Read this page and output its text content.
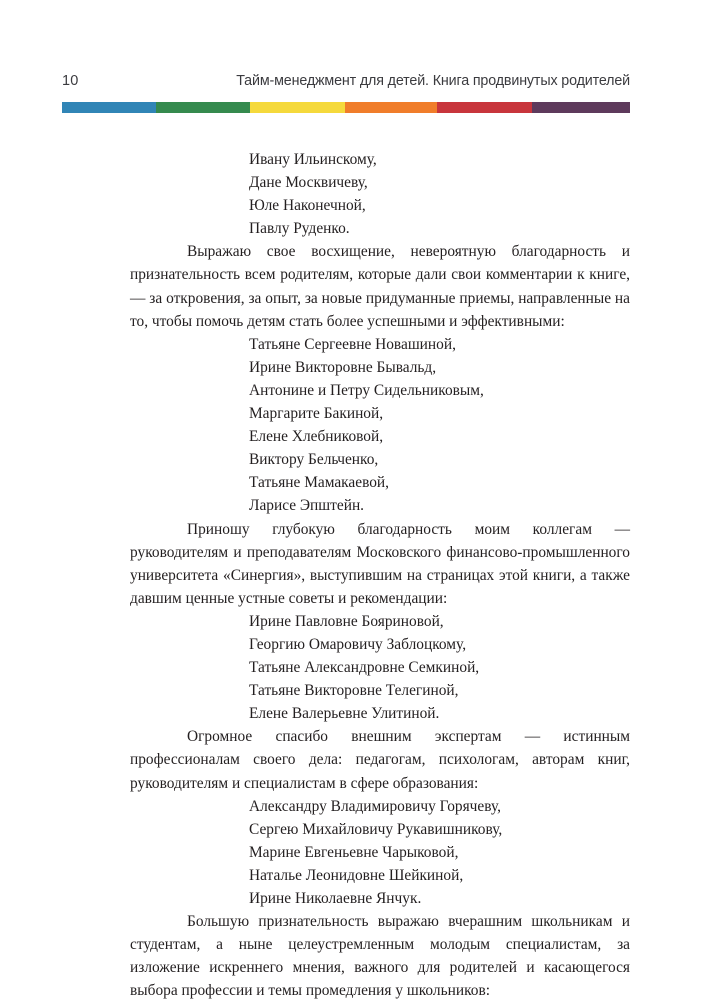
10	Тайм-менеджмент для детей. Книга продвинутых родителей
Ивану Ильинскому,
Дане Москвичеву,
Юле Наконечной,
Павлу Руденко.

Выражаю свое восхищение, невероятную благодарность и признательность всем родителям, которые дали свои комментарии к книге, — за откровения, за опыт, за новые придуманные приемы, направленные на то, чтобы помочь детям стать более успешными и эффективными:

Татьяне Сергеевне Новашиной,
Ирине Викторовне Бывальд,
Антонине и Петру Сидельниковым,
Маргарите Бакиной,
Елене Хлебниковой,
Виктору Бельченко,
Татьяне Мамакаевой,
Ларисе Эпштейн.

Приношу глубокую благодарность моим коллегам — руководителям и преподавателям Московского финансово-промышленного университета «Синергия», выступившим на страницах этой книги, а также давшим ценные устные советы и рекомендации:

Ирине Павловне Бояриновой,
Георгию Омаровичу Заблоцкому,
Татьяне Александровне Семкиной,
Татьяне Викторовне Телегиной,
Елене Валерьевне Улитиной.

Огромное спасибо внешним экспертам — истинным профессионалам своего дела: педагогам, психологам, авторам книг, руководителям и специалистам в сфере образования:

Александру Владимировичу Горячеву,
Сергею Михайловичу Рукавишникову,
Марине Евгеньевне Чарыковой,
Наталье Леонидовне Шейкиной,
Ирине Николаевне Янчук.

Большую признательность выражаю вчерашним школьникам и студентам, а ныне целеустремленным молодым специалистам, за изложение искреннего мнения, важного для родителей и касающегося выбора профессии и темы промедления у школьников:
